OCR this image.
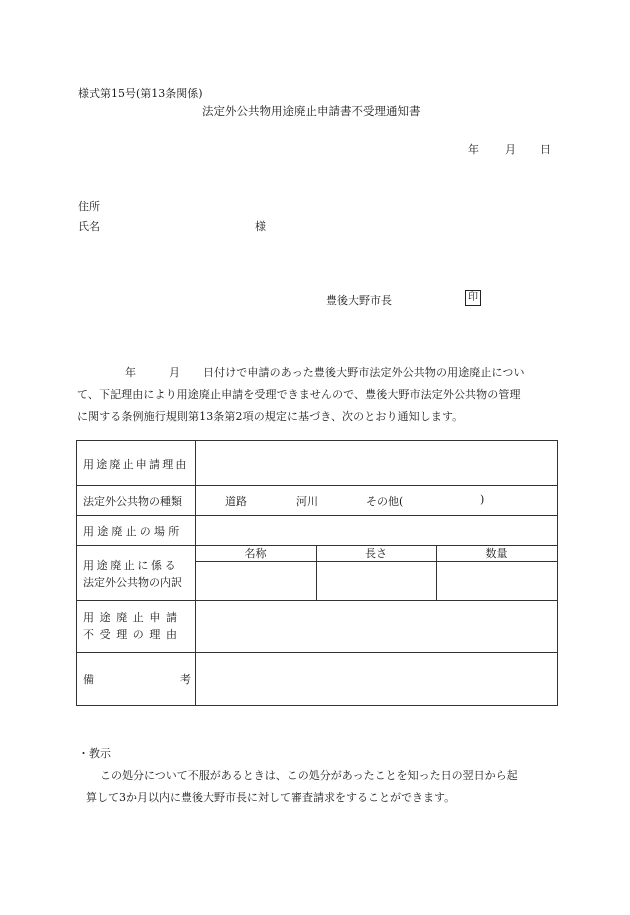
様式第15号(第13条関係)
法定外公共物用途廃止申請書不受理通知書
年 月 日
住所
氏名	様
豊後大野市長	印
年	月 日付けで申請のあった豊後大野市法定外公共物の用途廃止につい
て、下記理由により用途廃止申請を受理できませんので、豊後大野市法定外公共物の管理
に関する条例施行規則第13条第2項の規定に基づき、次のとおり通知します。
用途廃止申請理由
法定外公共物の種類	道路	河川	その他(	)
用途廃止の場所
用途廃止に係る
法定外公共物の内訳
名称	長さ	数量
用途廃止申請
不受理の理由
備	考
・教示
この処分について不服があるときは、この処分があったことを知った日の翌日から起
算して3か月以内に豊後大野市長に対して審査請求をすることができます。
